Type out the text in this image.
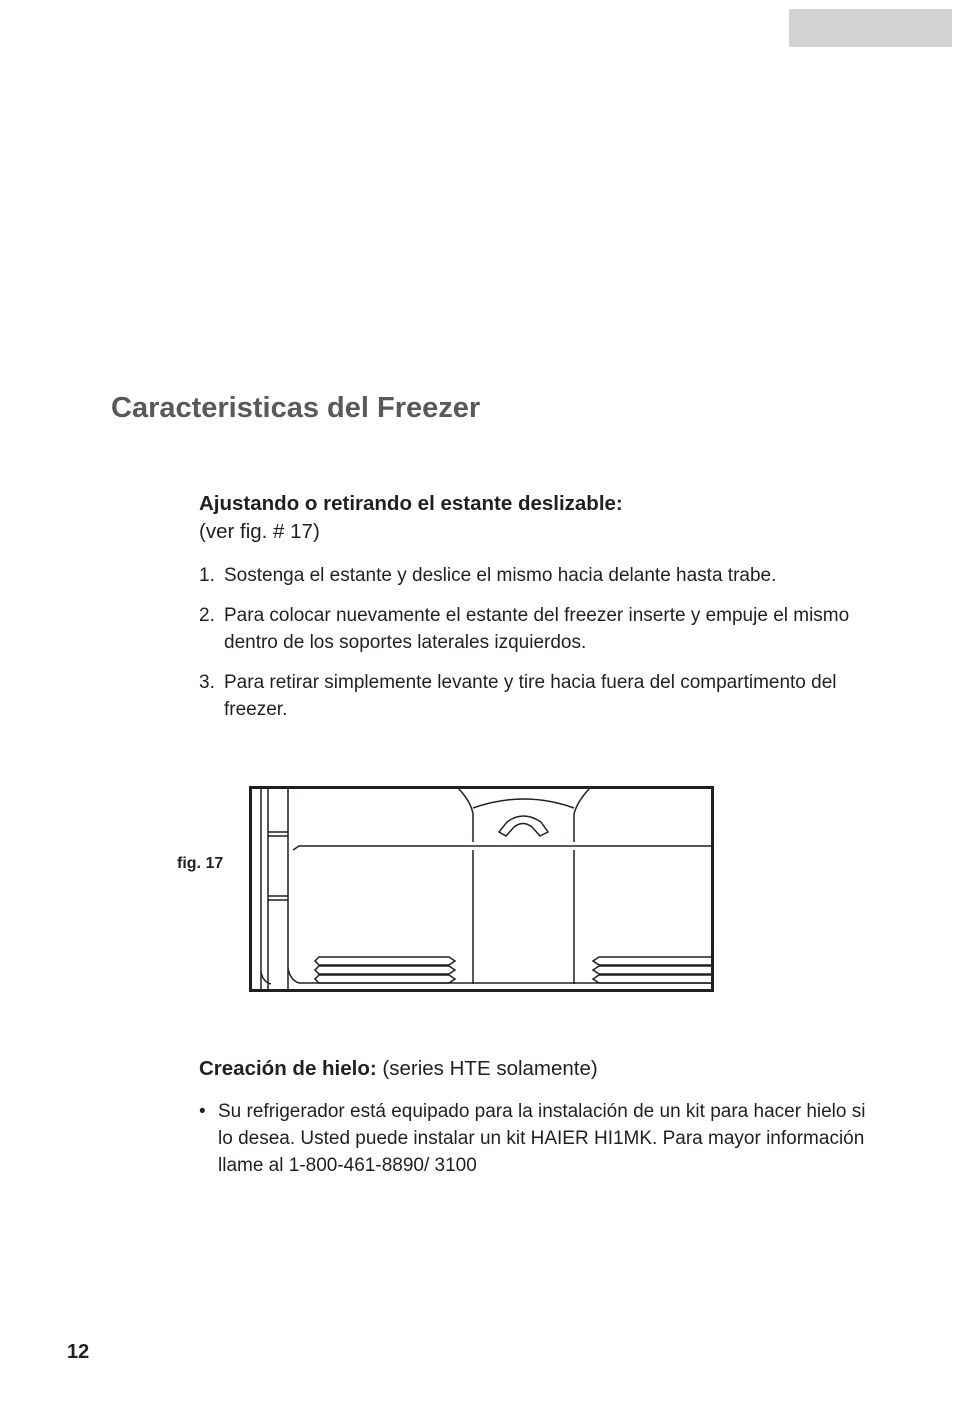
Caracteristicas del Freezer
Ajustando o retirando el estante deslizable:
(ver fig. # 17)
1. Sostenga el estante y deslice el mismo hacia delante hasta trabe.
2. Para colocar nuevamente el estante del freezer inserte y empuje el mismo dentro de los soportes laterales izquierdos.
3. Para retirar simplemente levante y tire hacia fuera del compartimento del freezer.
fig. 17
Creación de hielo: (series HTE solamente)
• Su refrigerador está equipado para la instalación de un kit para hacer hielo si lo desea. Usted puede instalar un kit HAIER HI1MK. Para mayor información llame al 1-800-461-8890/ 3100
12
